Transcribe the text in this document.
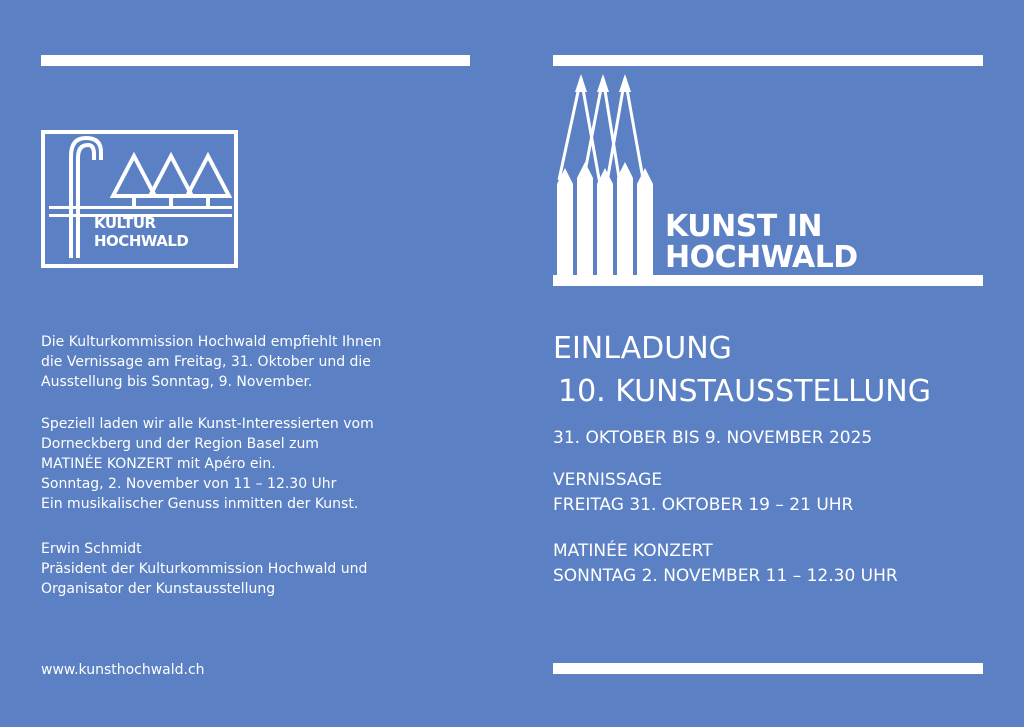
KULTUR
HOCHWALD	KUNST IN
HOCHWALD
Die Kulturkommission Hochwald empfiehlt Ihnen
die Vernissage am Freitag, 31. Oktober und die
Ausstellung bis Sonntag, 9. November.
Speziell laden wir alle Kunst-Interessierten vom
Dorneckberg und der Region Basel zum
MATINÉE KONZERT mit Apéro ein.
Sonntag, 2. November von 11 – 12.30 Uhr
Ein musikalischer Genuss inmitten der Kunst.
Erwin Schmidt
Präsident der Kulturkommission Hochwald und
Organisator der Kunstausstellung
www.kunsthochwald.ch
EINLADUNG
10. KUNSTAUSSTELLUNG
31. OKTOBER BIS 9. NOVEMBER 2025
VERNISSAGE
FREITAG 31. OKTOBER 19 – 21 UHR
MATINÉE KONZERT
SONNTAG 2. NOVEMBER 11 – 12.30 UHR
